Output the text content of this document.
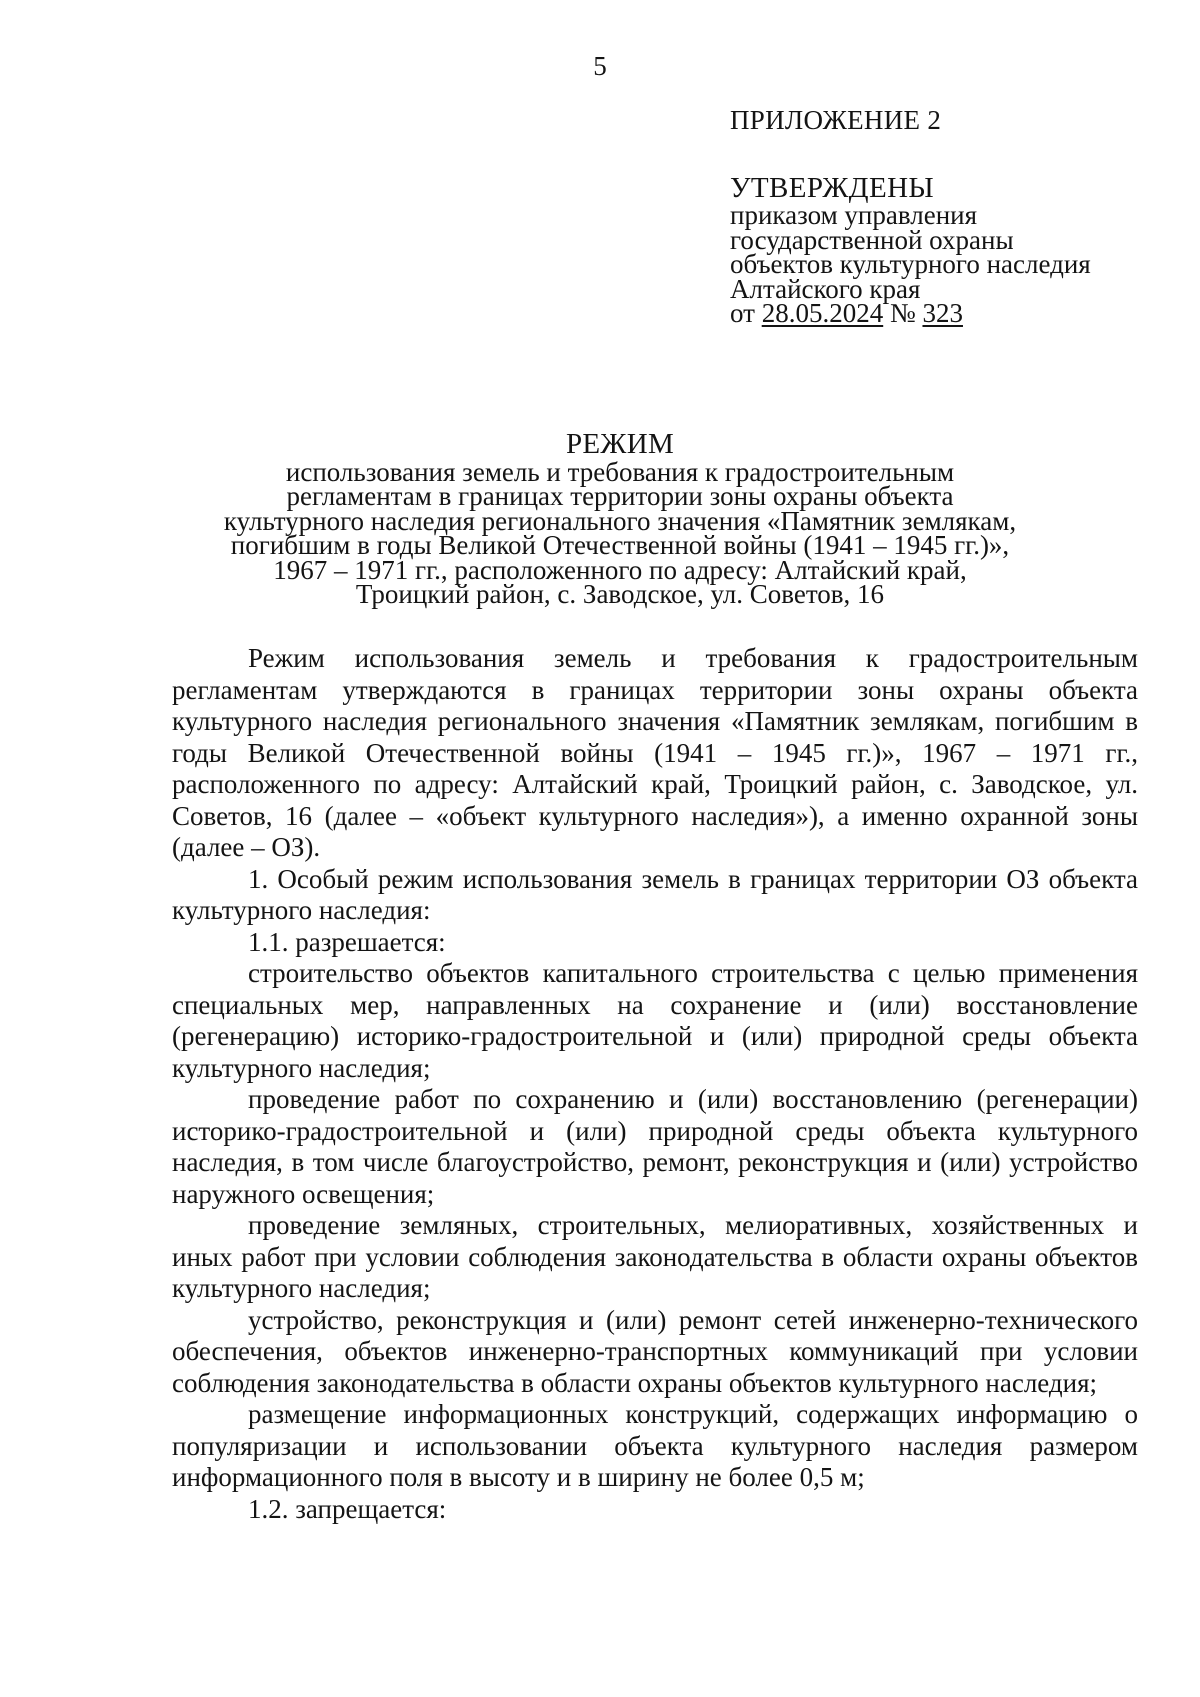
5
ПРИЛОЖЕНИЕ 2
УТВЕРЖДЕНЫ
приказом управления
государственной охраны
объектов культурного наследия
Алтайского края
от 28.05.2024 № 323
РЕЖИМ
использования земель и требования к градостроительным
регламентам в границах территории зоны охраны объекта
культурного наследия регионального значения «Памятник землякам,
погибшим в годы Великой Отечественной войны (1941 – 1945 гг.)»,
1967 – 1971 гг., расположенного по адресу: Алтайский край,
Троицкий район, с. Заводское, ул. Советов, 16

Режим использования земель и требования к градостроительным регламентам утверждаются в границах территории зоны охраны объекта культурного наследия регионального значения «Памятник землякам, погибшим в годы Великой Отечественной войны (1941 – 1945 гг.)», 1967 – 1971 гг., расположенного по адресу: Алтайский край, Троицкий район, с. Заводское, ул. Советов, 16 (далее – «объект культурного наследия»), а именно охранной зоны (далее – ОЗ).

1. Особый режим использования земель в границах территории ОЗ объекта культурного наследия:

1.1. разрешается:

строительство объектов капитального строительства с целью применения специальных мер, направленных на сохранение и (или) восстановление (регенерацию) историко-градостроительной и (или) природной среды объекта культурного наследия;

проведение работ по сохранению и (или) восстановлению (регенерации) историко-градостроительной и (или) природной среды объекта культурного наследия, в том числе благоустройство, ремонт, реконструкция и (или) устройство наружного освещения;

проведение земляных, строительных, мелиоративных, хозяйственных и иных работ при условии соблюдения законодательства в области охраны объектов культурного наследия;

устройство, реконструкция и (или) ремонт сетей инженерно-технического обеспечения, объектов инженерно-транспортных коммуникаций при условии соблюдения законодательства в области охраны объектов культурного наследия;

размещение информационных конструкций, содержащих информацию о популяризации и использовании объекта культурного наследия размером информационного поля в высоту и в ширину не более 0,5 м;

1.2. запрещается:
